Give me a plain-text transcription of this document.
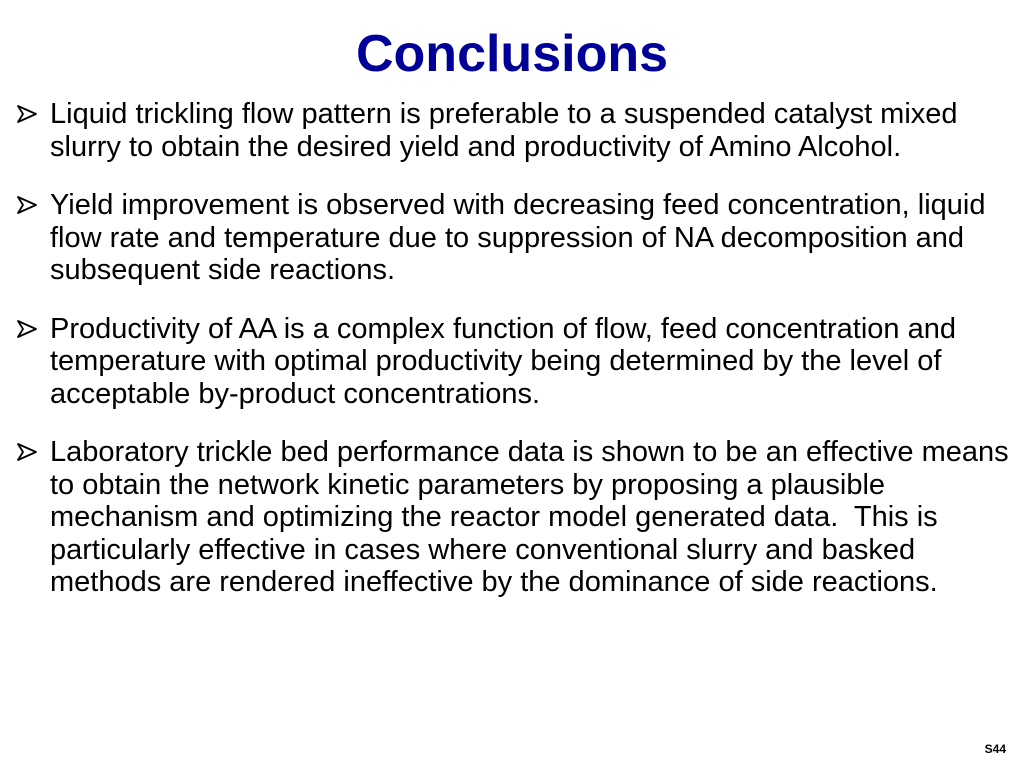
Conclusions
Liquid trickling flow pattern is preferable to a suspended catalyst mixed slurry to obtain the desired yield and productivity of Amino Alcohol.
Yield improvement is observed with decreasing feed concentration, liquid flow rate and temperature due to suppression of NA decomposition and subsequent side reactions.
Productivity of AA is a complex function of flow, feed concentration and temperature with optimal productivity being determined by the level of acceptable by-product concentrations.
Laboratory trickle bed performance data is shown to be an effective means to obtain the network kinetic parameters by proposing a plausible mechanism and optimizing the reactor model generated data.  This is particularly effective in cases where conventional slurry and basked methods are rendered ineffective by the dominance of side reactions.
S44
